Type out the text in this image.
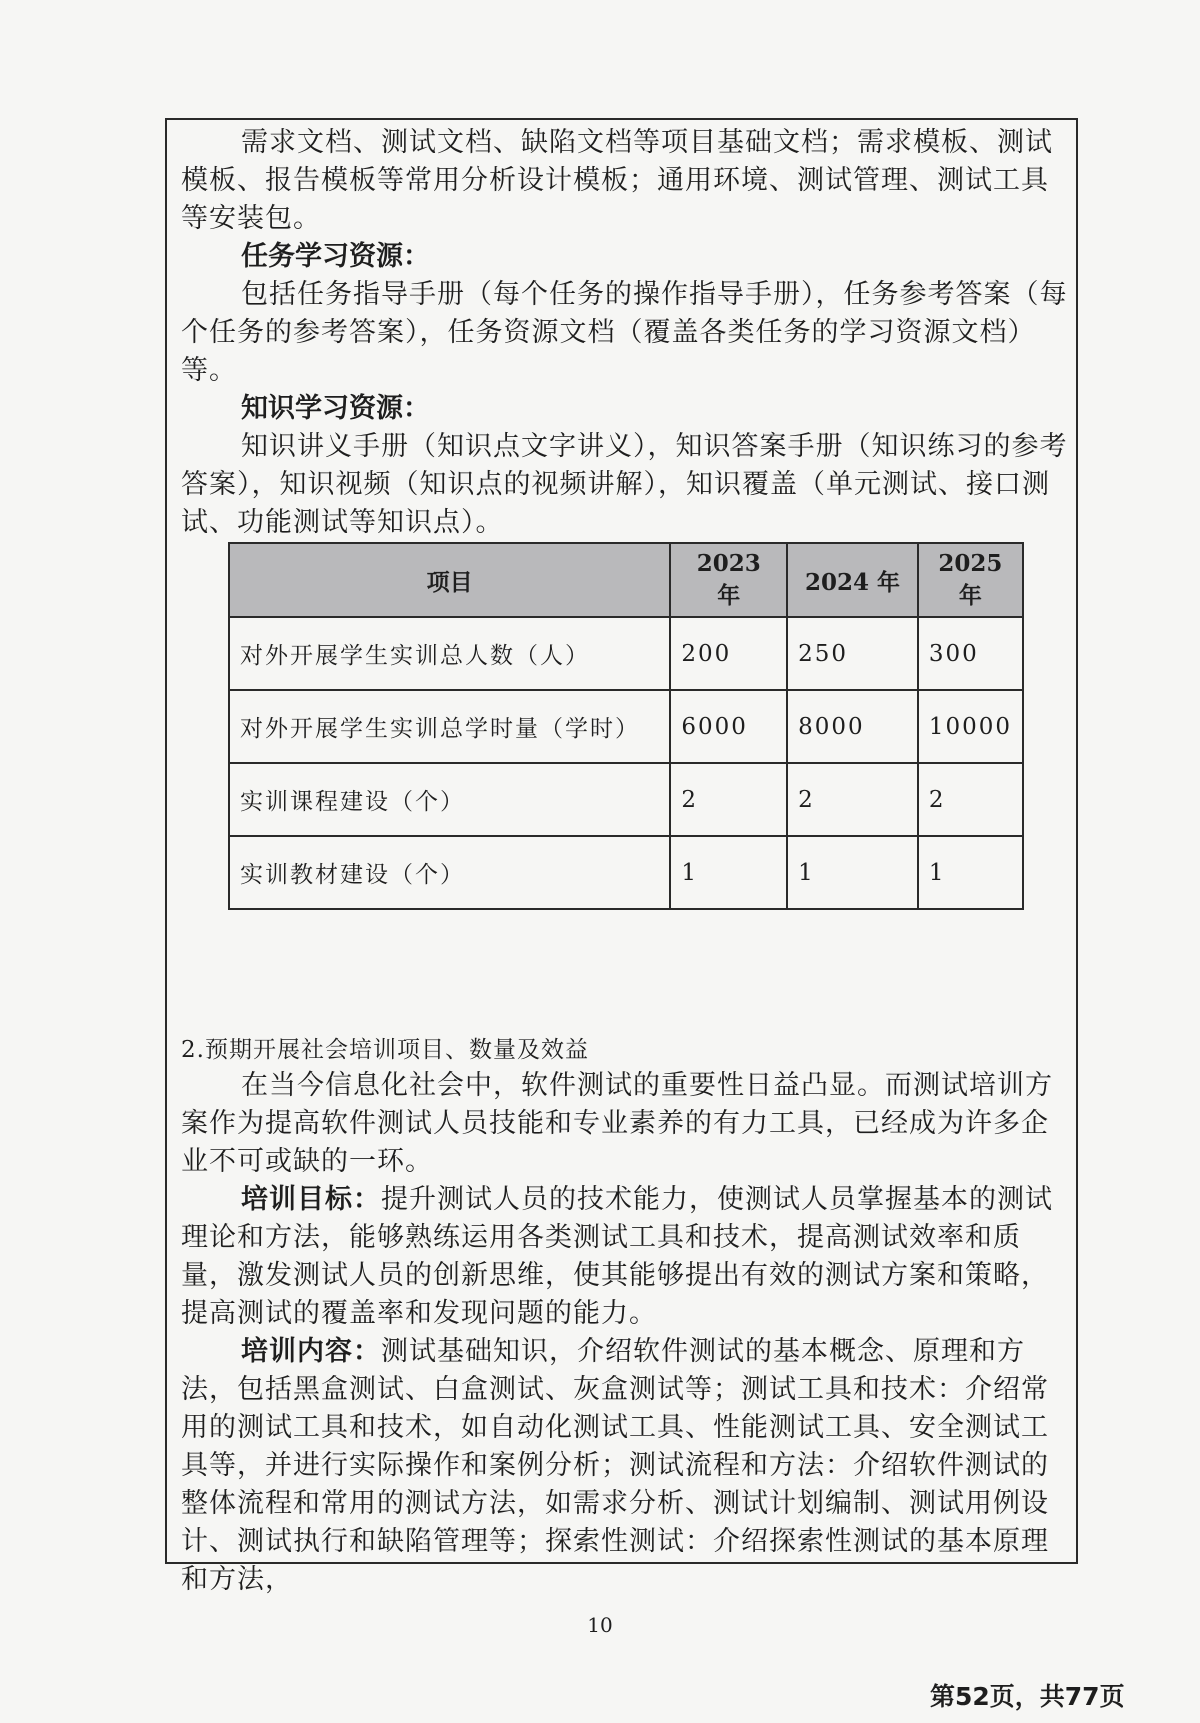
需求文档、测试文档、缺陷文档等项目基础文档；需求模板、测试模板、报告模板等常用分析设计模板；通用环境、测试管理、测试工具等安装包。

任务学习资源：

包括任务指导手册（每个任务的操作指导手册），任务参考答案（每个任务的参考答案），任务资源文档（覆盖各类任务的学习资源文档）等。

知识学习资源：

知识讲义手册（知识点文字讲义），知识答案手册（知识练习的参考答案），知识视频（知识点的视频讲解），知识覆盖（单元测试、接口测试、功能测试等知识点）。

项目	2023 年	2024 年	2025 年
对外开展学生实训总人数（人）	200	250	300
对外开展学生实训总学时量（学时）	6000	8000	10000
实训课程建设（个）	2	2	2
实训教材建设（个）	1	1	1

2.预期开展社会培训项目、数量及效益

在当今信息化社会中，软件测试的重要性日益凸显。而测试培训方案作为提高软件测试人员技能和专业素养的有力工具，已经成为许多企业不可或缺的一环。

培训目标：提升测试人员的技术能力，使测试人员掌握基本的测试理论和方法，能够熟练运用各类测试工具和技术，提高测试效率和质量，激发测试人员的创新思维，使其能够提出有效的测试方案和策略，提高测试的覆盖率和发现问题的能力。

培训内容：测试基础知识，介绍软件测试的基本概念、原理和方法，包括黑盒测试、白盒测试、灰盒测试等；测试工具和技术：介绍常用的测试工具和技术，如自动化测试工具、性能测试工具、安全测试工具等，并进行实际操作和案例分析；测试流程和方法：介绍软件测试的整体流程和常用的测试方法，如需求分析、测试计划编制、测试用例设计、测试执行和缺陷管理等；探索性测试：介绍探索性测试的基本原理和方法，

10
第52页，共77页
